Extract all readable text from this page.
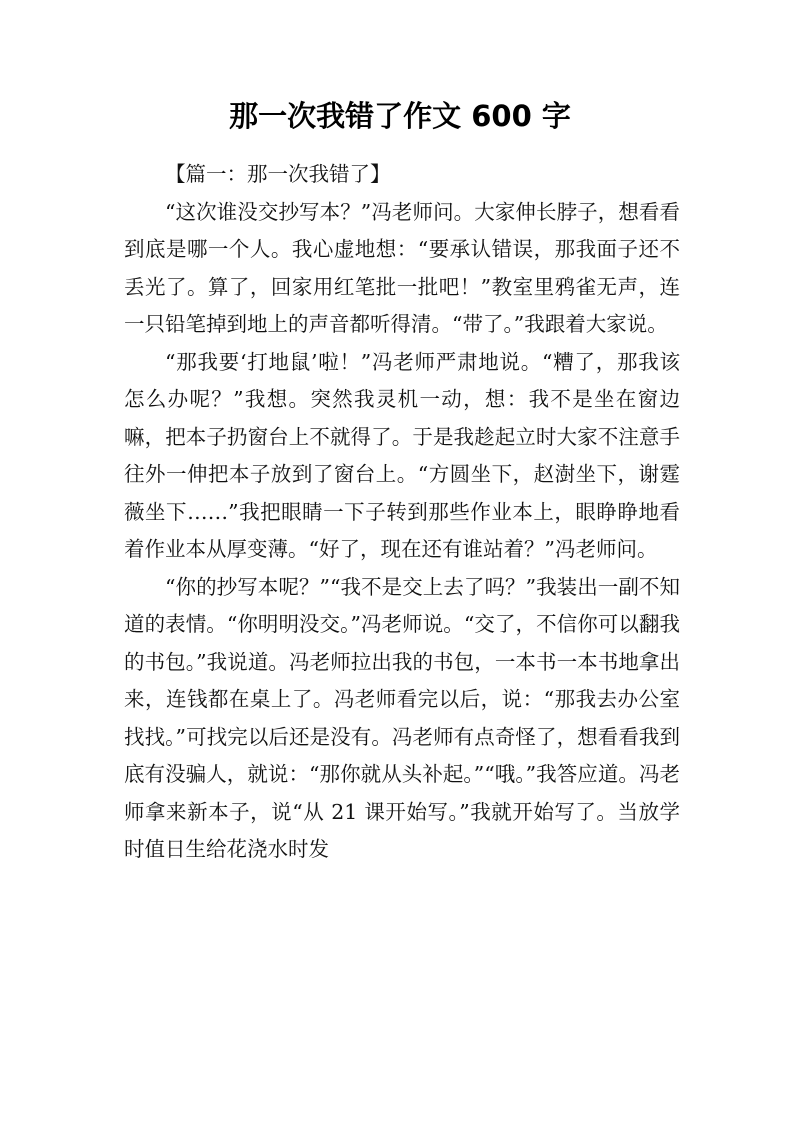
那一次我错了作文 600 字

【篇一：那一次我错了】

“这次谁没交抄写本？”冯老师问。大家伸长脖子，想看看到底是哪一个人。我心虚地想：“要承认错误，那我面子还不丢光了。算了，回家用红笔批一批吧！”教室里鸦雀无声，连一只铅笔掉到地上的声音都听得清。“带了。”我跟着大家说。

“那我要‘打地鼠’啦！”冯老师严肃地说。“糟了，那我该怎么办呢？”我想。突然我灵机一动，想：我不是坐在窗边嘛，把本子扔窗台上不就得了。于是我趁起立时大家不注意手往外一伸把本子放到了窗台上。“方圆坐下，赵澍坐下，谢霆薇坐下……”我把眼睛一下子转到那些作业本上，眼睁睁地看着作业本从厚变薄。“好了，现在还有谁站着？”冯老师问。

“你的抄写本呢？”“我不是交上去了吗？”我装出一副不知道的表情。“你明明没交。”冯老师说。“交了，不信你可以翻我的书包。”我说道。冯老师拉出我的书包，一本书一本书地拿出来，连钱都在桌上了。冯老师看完以后，说：“那我去办公室找找。”可找完以后还是没有。冯老师有点奇怪了，想看看我到底有没骗人，就说：“那你就从头补起。”“哦。”我答应道。冯老师拿来新本子，说“从 21 课开始写。”我就开始写了。当放学时值日生给花浇水时发
